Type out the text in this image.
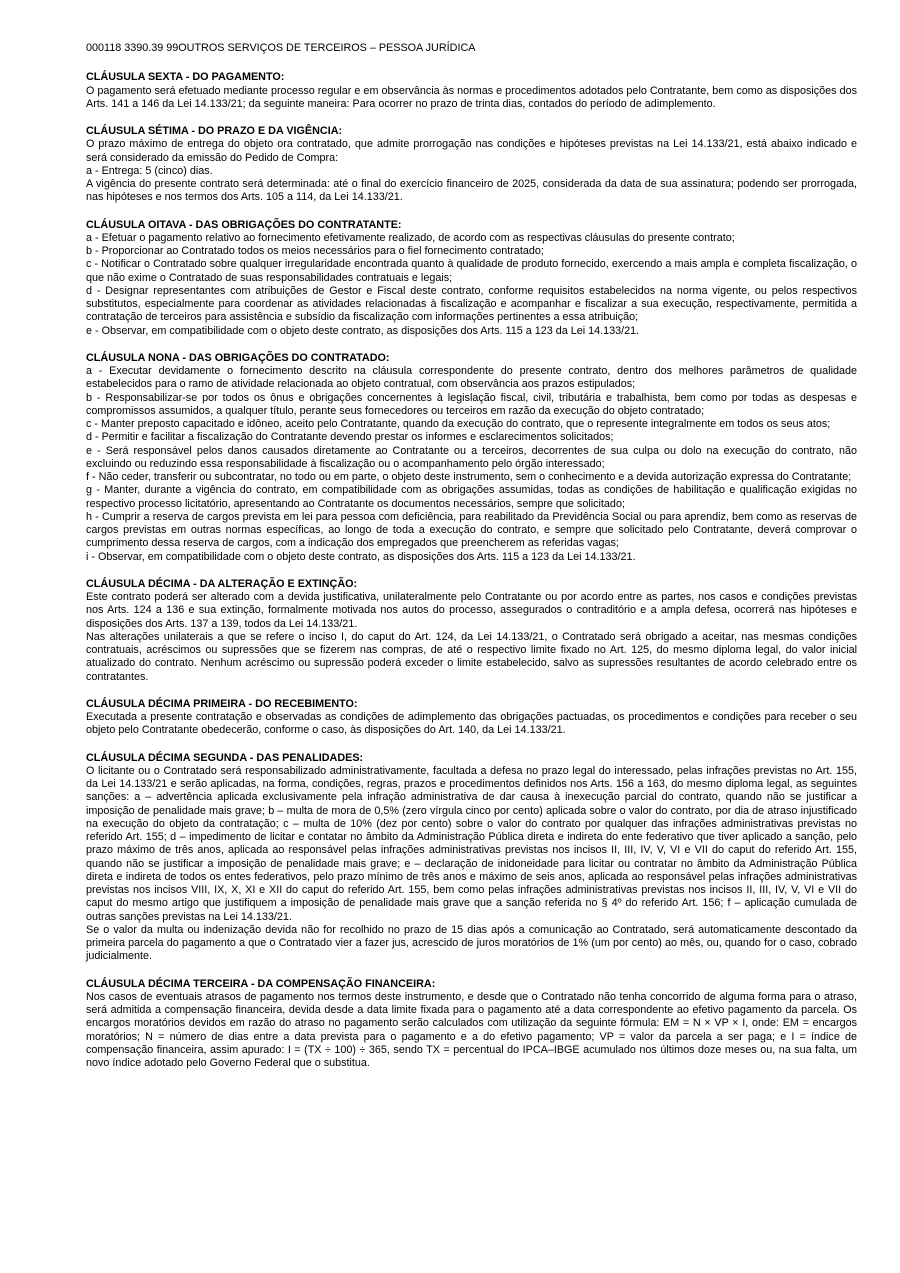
000118 3390.39 99OUTROS SERVIÇOS DE TERCEIROS – PESSOA JURÍDICA
CLÁUSULA SEXTA - DO PAGAMENTO:

O pagamento será efetuado mediante processo regular e em observância às normas e procedimentos adotados pelo Contratante, bem como as disposições dos Arts. 141 a 146 da Lei 14.133/21; da seguinte maneira: Para ocorrer no prazo de trinta dias, contados do período de adimplemento.

CLÁUSULA SÉTIMA - DO PRAZO E DA VIGÊNCIA:

O prazo máximo de entrega do objeto ora contratado, que admite prorrogação nas condições e hipóteses previstas na Lei 14.133/21, está abaixo indicado e será considerado da emissão do Pedido de Compra:

a - Entrega: 5 (cinco) dias.

A vigência do presente contrato será determinada: até o final do exercício financeiro de 2025, considerada da data de sua assinatura; podendo ser prorrogada, nas hipóteses e nos termos dos Arts. 105 a 114, da Lei 14.133/21.

CLÁUSULA OITAVA - DAS OBRIGAÇÕES DO CONTRATANTE:

a - Efetuar o pagamento relativo ao fornecimento efetivamente realizado, de acordo com as respectivas cláusulas do presente contrato;

b - Proporcionar ao Contratado todos os meios necessários para o fiel fornecimento contratado;

c - Notificar o Contratado sobre qualquer irregularidade encontrada quanto à qualidade de produto fornecido, exercendo a mais ampla e completa fiscalização, o que não exime o Contratado de suas responsabilidades contratuais e legais;

d - Designar representantes com atribuições de Gestor e Fiscal deste contrato, conforme requisitos estabelecidos na norma vigente, ou pelos respectivos substitutos, especialmente para coordenar as atividades relacionadas à fiscalização e acompanhar e fiscalizar a sua execução, respectivamente, permitida a contratação de terceiros para assistência e subsídio da fiscalização com informações pertinentes a essa atribuição;

e - Observar, em compatibilidade com o objeto deste contrato, as disposições dos Arts. 115 a 123 da Lei 14.133/21.

CLÁUSULA NONA - DAS OBRIGAÇÕES DO CONTRATADO:

a - Executar devidamente o fornecimento descrito na cláusula correspondente do presente contrato, dentro dos melhores parâmetros de qualidade estabelecidos para o ramo de atividade relacionada ao objeto contratual, com observância aos prazos estipulados;

b - Responsabilizar-se por todos os ônus e obrigações concernentes à legislação fiscal, civil, tributária e trabalhista, bem como por todas as despesas e compromissos assumidos, a qualquer título, perante seus fornecedores ou terceiros em razão da execução do objeto contratado;

c - Manter preposto capacitado e idôneo, aceito pelo Contratante, quando da execução do contrato, que o represente integralmente em todos os seus atos;

d - Permitir e facilitar a fiscalização do Contratante devendo prestar os informes e esclarecimentos solicitados;

e - Será responsável pelos danos causados diretamente ao Contratante ou a terceiros, decorrentes de sua culpa ou dolo na execução do contrato, não excluindo ou reduzindo essa responsabilidade à fiscalização ou o acompanhamento pelo órgão interessado;

f - Não ceder, transferir ou subcontratar, no todo ou em parte, o objeto deste instrumento, sem o conhecimento e a devida autorização expressa do Contratante;

g - Manter, durante a vigência do contrato, em compatibilidade com as obrigações assumidas, todas as condições de habilitação e qualificação exigidas no respectivo processo licitatório, apresentando ao Contratante os documentos necessários, sempre que solicitado;

h - Cumprir a reserva de cargos prevista em lei para pessoa com deficiência, para reabilitado da Previdência Social ou para aprendiz, bem como as reservas de cargos previstas em outras normas específicas, ao longo de toda a execução do contrato, e sempre que solicitado pelo Contratante, deverá comprovar o cumprimento dessa reserva de cargos, com a indicação dos empregados que preencherem as referidas vagas;

i - Observar, em compatibilidade com o objeto deste contrato, as disposições dos Arts. 115 a 123 da Lei 14.133/21.

CLÁUSULA DÉCIMA - DA ALTERAÇÃO E EXTINÇÃO:

Este contrato poderá ser alterado com a devida justificativa, unilateralmente pelo Contratante ou por acordo entre as partes, nos casos e condições previstas nos Arts. 124 a 136 e sua extinção, formalmente motivada nos autos do processo, assegurados o contraditório e a ampla defesa, ocorrerá nas hipóteses e disposições dos Arts. 137 a 139, todos da Lei 14.133/21.

Nas alterações unilaterais a que se refere o inciso I, do caput do Art. 124, da Lei 14.133/21, o Contratado será obrigado a aceitar, nas mesmas condições contratuais, acréscimos ou supressões que se fizerem nas compras, de até o respectivo limite fixado no Art. 125, do mesmo diploma legal, do valor inicial atualizado do contrato. Nenhum acréscimo ou supressão poderá exceder o limite estabelecido, salvo as supressões resultantes de acordo celebrado entre os contratantes.

CLÁUSULA DÉCIMA PRIMEIRA - DO RECEBIMENTO:

Executada a presente contratação e observadas as condições de adimplemento das obrigações pactuadas, os procedimentos e condições para receber o seu objeto pelo Contratante obedecerão, conforme o caso, às disposições do Art. 140, da Lei 14.133/21.

CLÁUSULA DÉCIMA SEGUNDA - DAS PENALIDADES:

O licitante ou o Contratado será responsabilizado administrativamente, facultada a defesa no prazo legal do interessado, pelas infrações previstas no Art. 155, da Lei 14.133/21 e serão aplicadas, na forma, condições, regras, prazos e procedimentos definidos nos Arts. 156 a 163, do mesmo diploma legal, as seguintes sanções: a – advertência aplicada exclusivamente pela infração administrativa de dar causa à inexecução parcial do contrato, quando não se justificar a imposição de penalidade mais grave; b – multa de mora de 0,5% (zero vírgula cinco por cento) aplicada sobre o valor do contrato, por dia de atraso injustificado na execução do objeto da contratação; c – multa de 10% (dez por cento) sobre o valor do contrato por qualquer das infrações administrativas previstas no referido Art. 155; d – impedimento de licitar e contatar no âmbito da Administração Pública direta e indireta do ente federativo que tiver aplicado a sanção, pelo prazo máximo de três anos, aplicada ao responsável pelas infrações administrativas previstas nos incisos II, III, IV, V, VI e VII do caput do referido Art. 155, quando não se justificar a imposição de penalidade mais grave; e – declaração de inidoneidade para licitar ou contratar no âmbito da Administração Pública direta e indireta de todos os entes federativos, pelo prazo mínimo de três anos e máximo de seis anos, aplicada ao responsável pelas infrações administrativas previstas nos incisos VIII, IX, X, XI e XII do caput do referido Art. 155, bem como pelas infrações administrativas previstas nos incisos II, III, IV, V, VI e VII do caput do mesmo artigo que justifiquem a imposição de penalidade mais grave que a sanção referida no § 4º do referido Art. 156; f – aplicação cumulada de outras sanções previstas na Lei 14.133/21.

Se o valor da multa ou indenização devida não for recolhido no prazo de 15 dias após a comunicação ao Contratado, será automaticamente descontado da primeira parcela do pagamento a que o Contratado vier a fazer jus, acrescido de juros moratórios de 1% (um por cento) ao mês, ou, quando for o caso, cobrado judicialmente.

CLÁUSULA DÉCIMA TERCEIRA - DA COMPENSAÇÃO FINANCEIRA:

Nos casos de eventuais atrasos de pagamento nos termos deste instrumento, e desde que o Contratado não tenha concorrido de alguma forma para o atraso, será admitida a compensação financeira, devida desde a data limite fixada para o pagamento até a data correspondente ao efetivo pagamento da parcela. Os encargos moratórios devidos em razão do atraso no pagamento serão calculados com utilização da seguinte fórmula: EM = N × VP × I, onde: EM = encargos moratórios; N = número de dias entre a data prevista para o pagamento e a do efetivo pagamento; VP = valor da parcela a ser paga; e I = índice de compensação financeira, assim apurado: I = (TX ÷ 100) ÷ 365, sendo TX = percentual do IPCA–IBGE acumulado nos últimos doze meses ou, na sua falta, um novo índice adotado pelo Governo Federal que o substitua.
